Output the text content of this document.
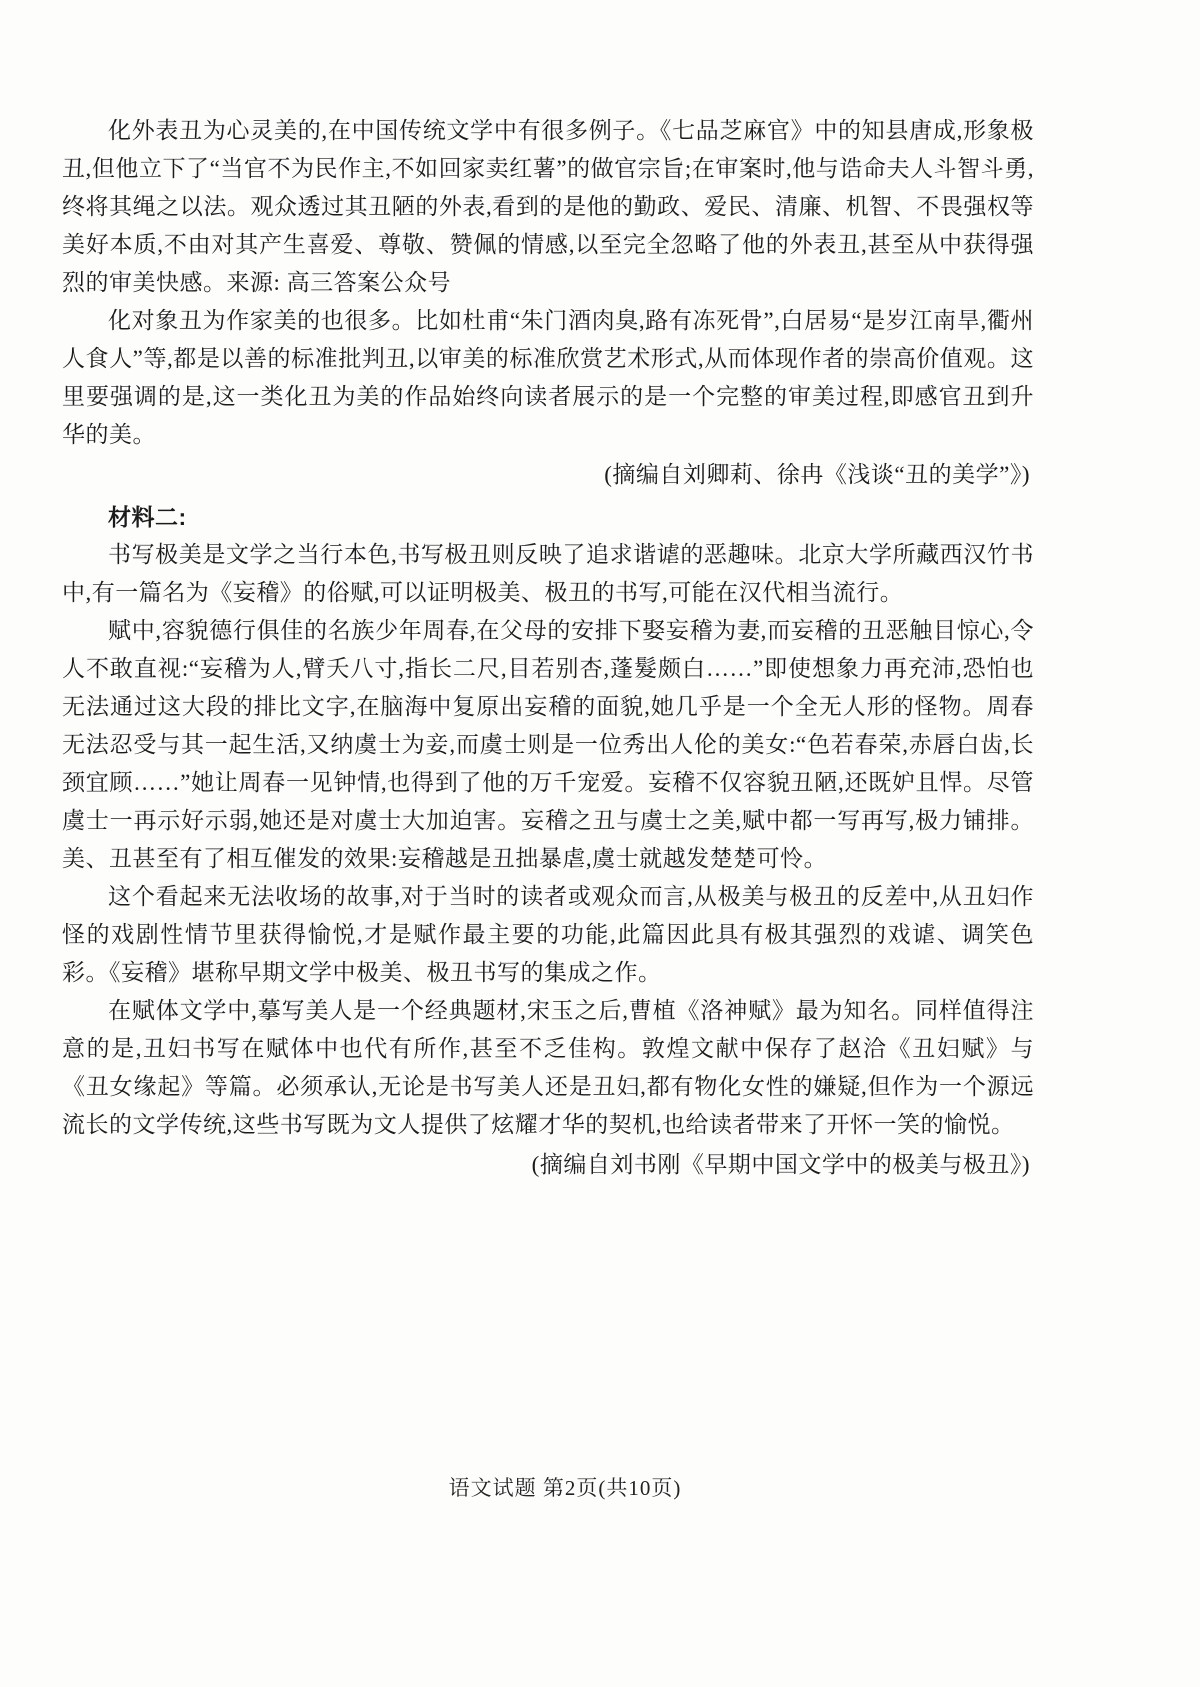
化外表丑为心灵美的,在中国传统文学中有很多例子。《七品芝麻官》中的知县唐成,形象极丑,但他立下了“当官不为民作主,不如回家卖红薯”的做官宗旨;在审案时,他与诰命夫人斗智斗勇,终将其绳之以法。观众透过其丑陋的外表,看到的是他的勤政、爱民、清廉、机智、不畏强权等美好本质,不由对其产生喜爱、尊敬、赞佩的情感,以至完全忽略了他的外表丑,甚至从中获得强烈的审美快感。来源: 高三答案公众号

化对象丑为作家美的也很多。比如杜甫“朱门酒肉臭,路有冻死骨”,白居易“是岁江南旱,衢州人食人”等,都是以善的标准批判丑,以审美的标准欣赏艺术形式,从而体现作者的崇高价值观。这里要强调的是,这一类化丑为美的作品始终向读者展示的是一个完整的审美过程,即感官丑到升华的美。

(摘编自刘卿莉、徐冉《浅谈“丑的美学”》)

材料二:

书写极美是文学之当行本色,书写极丑则反映了追求谐谑的恶趣味。北京大学所藏西汉竹书中,有一篇名为《妄稽》的俗赋,可以证明极美、极丑的书写,可能在汉代相当流行。

赋中,容貌德行俱佳的名族少年周春,在父母的安排下娶妄稽为妻,而妄稽的丑恶触目惊心,令人不敢直视:“妄稽为人,臂夭八寸,指长二尺,目若别杏,蓬髮颇白……”即使想象力再充沛,恐怕也无法通过这大段的排比文字,在脑海中复原出妄稽的面貌,她几乎是一个全无人形的怪物。周春无法忍受与其一起生活,又纳虞士为妾,而虞士则是一位秀出人伦的美女:“色若春荣,赤唇白齿,长颈宜顾……”她让周春一见钟情,也得到了他的万千宠爱。妄稽不仅容貌丑陋,还既妒且悍。尽管虞士一再示好示弱,她还是对虞士大加迫害。妄稽之丑与虞士之美,赋中都一写再写,极力铺排。美、丑甚至有了相互催发的效果:妄稽越是丑拙暴虐,虞士就越发楚楚可怜。

这个看起来无法收场的故事,对于当时的读者或观众而言,从极美与极丑的反差中,从丑妇作怪的戏剧性情节里获得愉悦,才是赋作最主要的功能,此篇因此具有极其强烈的戏谑、调笑色彩。《妄稽》堪称早期文学中极美、极丑书写的集成之作。

在赋体文学中,摹写美人是一个经典题材,宋玉之后,曹植《洛神赋》最为知名。同样值得注意的是,丑妇书写在赋体中也代有所作,甚至不乏佳构。敦煌文献中保存了赵洽《丑妇赋》与《丑女缘起》等篇。必须承认,无论是书写美人还是丑妇,都有物化女性的嫌疑,但作为一个源远流长的文学传统,这些书写既为文人提供了炫耀才华的契机,也给读者带来了开怀一笑的愉悦。

(摘编自刘书刚《早期中国文学中的极美与极丑》)

语文试题 第2页(共10页)
